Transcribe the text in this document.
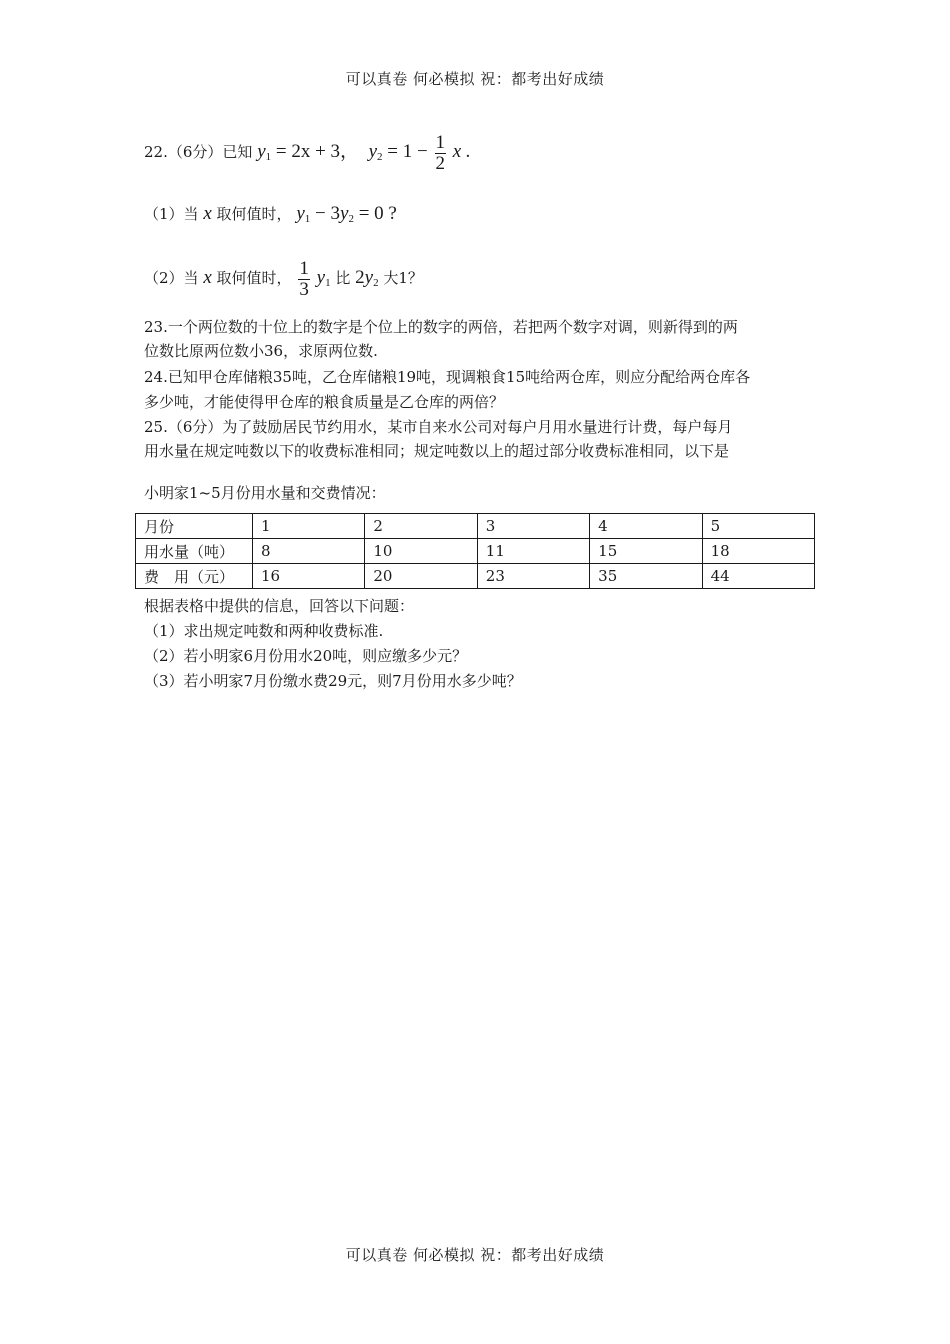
可以真卷 何必模拟 祝：都考出好成绩
22.（6分）已知 $y_1 = 2x + 3$， $y_2 = 1 - \frac{1}{2}$ x .
（1）当 x 取何值时， $y_1 - 3y_2 = 0$ ?
（2）当 x 取何值时， $\frac{1}{3} y_1$ 比 $2y_2$ 大1？
23.一个两位数的十位上的数字是个位上的数字的两倍，若把两个数字对调，则新得到的两
位数比原两位数小36，求原两位数.
24.已知甲仓库储粮35吨，乙仓库储粮19吨，现调粮食15吨给两仓库，则应分配给两仓库各
多少吨，才能使得甲仓库的粮食质量是乙仓库的两倍？
25.（6分）为了鼓励居民节约用水，某市自来水公司对每户月用水量进行计费，每户每月
用水量在规定吨数以下的收费标准相同；规定吨数以上的超过部分收费标准相同，以下是
小明家1~5月份用水量和交费情况：
月份	1	2	3	4	5
用水量（吨）	8	10	11	15	18
费　用（元）	16	20	23	35	44
根据表格中提供的信息，回答以下问题：
（1）求出规定吨数和两种收费标准.
（2）若小明家6月份用水20吨，则应缴多少元？
（3）若小明家7月份缴水费29元，则7月份用水多少吨？
可以真卷 何必模拟 祝：都考出好成绩
